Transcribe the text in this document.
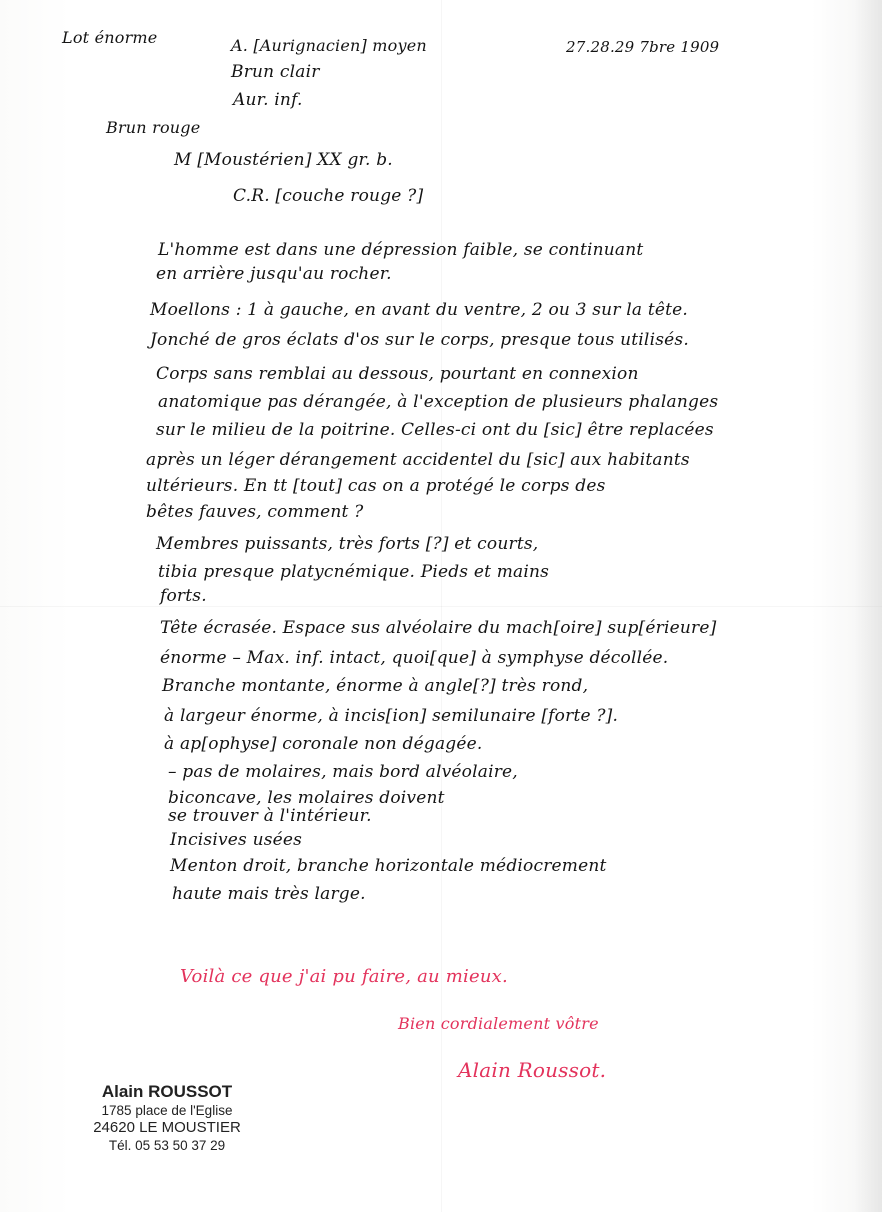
Lot énorme	A. [Aurignacien] moyen	27.28.29 7bre 1909
Brun clair
Aur. inf.
Brun rouge
M [Moustérien] XX gr. b.
C.R. [couche rouge ?]
L'homme est dans une dépression faible, se continuant
en arrière jusqu'au rocher.
Moellons : 1 à gauche, en avant du ventre, 2 ou 3 sur la tête.
Jonché de gros éclats d'os sur le corps, presque tous utilisés.
Corps sans remblai au dessous, pourtant en connexion
anatomique pas dérangée, à l'exception de plusieurs phalanges
sur le milieu de la poitrine. Celles-ci ont du [sic] être replacées
après un léger dérangement accidentel du [sic] aux habitants
ultérieurs. En tt [tout] cas on a protégé le corps des
bêtes fauves, comment ?
Membres puissants, très forts [?] et courts,
tibia presque platycnémique. Pieds et mains
forts.
Tête écrasée. Espace sus alvéolaire du mach[oire] sup[érieure]
énorme – Max. inf. intact, quoi[que] à symphyse décollée.
Branche montante, énorme à angle[?] très rond,
à largeur énorme, à incis[ion] semilunaire [forte ?].
à ap[ophyse] coronale non dégagée.
– pas de molaires, mais bord alvéolaire,
biconcave, les molaires doivent
se trouver à l'intérieur.
Incisives usées
Menton droit, branche horizontale médiocrement
haute mais très large.
Voilà ce que j'ai pu faire, au mieux.
Bien cordialement vôtre
Alain Roussot.
Alain ROUSSOT
1785 place de l'Eglise
24620 LE MOUSTIER
Tél. 05 53 50 37 29
